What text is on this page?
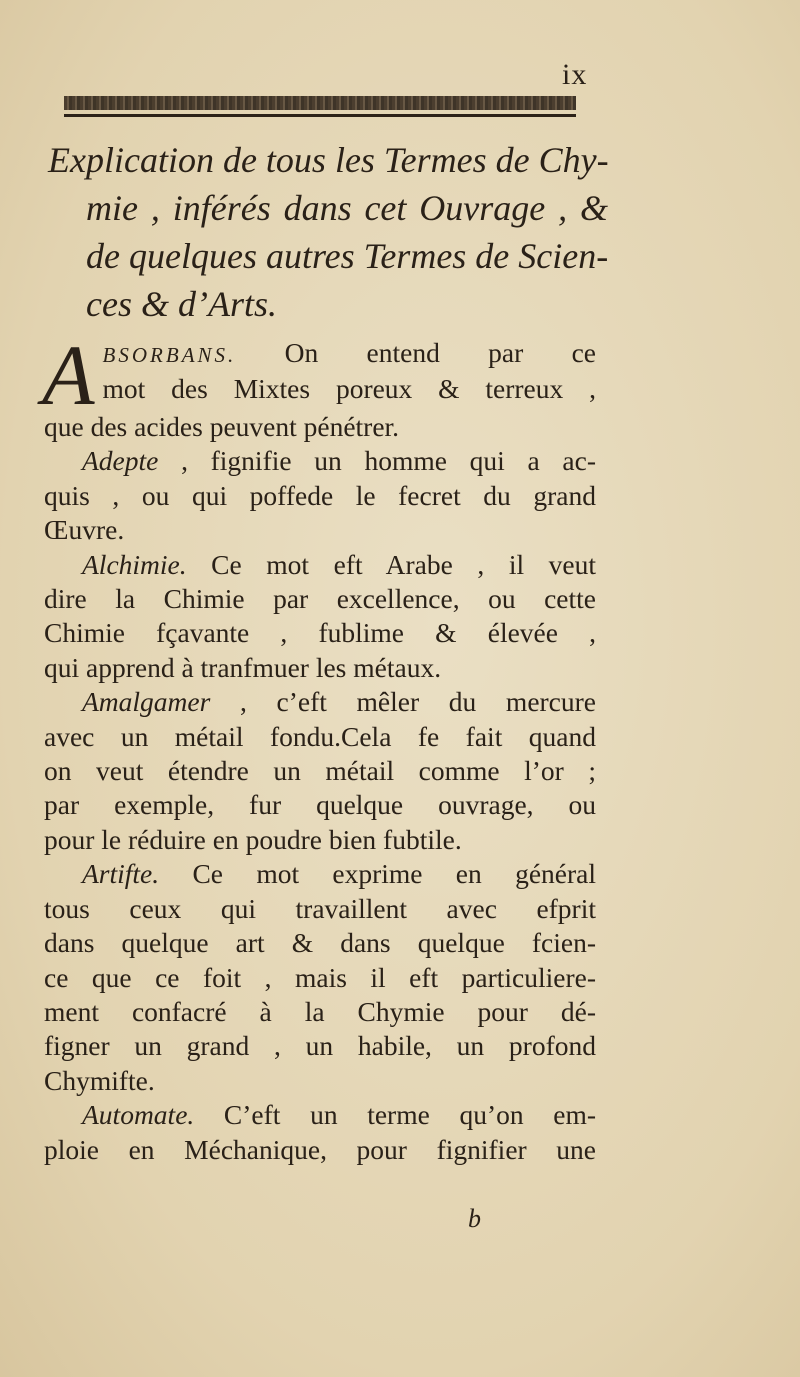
ix
Explication de tous les Termes de Chy-
mie , inférés dans cet Ouvrage , &
de quelques autres Termes de Scien-
ces & d’Arts.
A BSORBANS. On entend par ce
mot des Mixtes poreux & terreux ,
que des acides peuvent pénétrer.
Adepte , fignifie un homme qui a ac-
quis , ou qui poffede le fecret du grand
Œuvre.
Alchimie. Ce mot eft Arabe , il veut
dire la Chimie par excellence, ou cette
Chimie fçavante , fublime & élevée ,
qui apprend à tranfmuer les métaux.
Amalgamer , c’eft mêler du mercure
avec un métail fondu.Cela fe fait quand
on veut étendre un métail comme l’or ;
par exemple, fur quelque ouvrage, ou
pour le réduire en poudre bien fubtile.
Artifte. Ce mot exprime en général
tous ceux qui travaillent avec efprit
dans quelque art & dans quelque fcien-
ce que ce foit , mais il eft particuliere-
ment confacré à la Chymie pour dé-
figner un grand , un habile, un profond
Chymifte.
Automate. C’eft un terme qu’on em-
ploie en Méchanique, pour fignifier une
b
